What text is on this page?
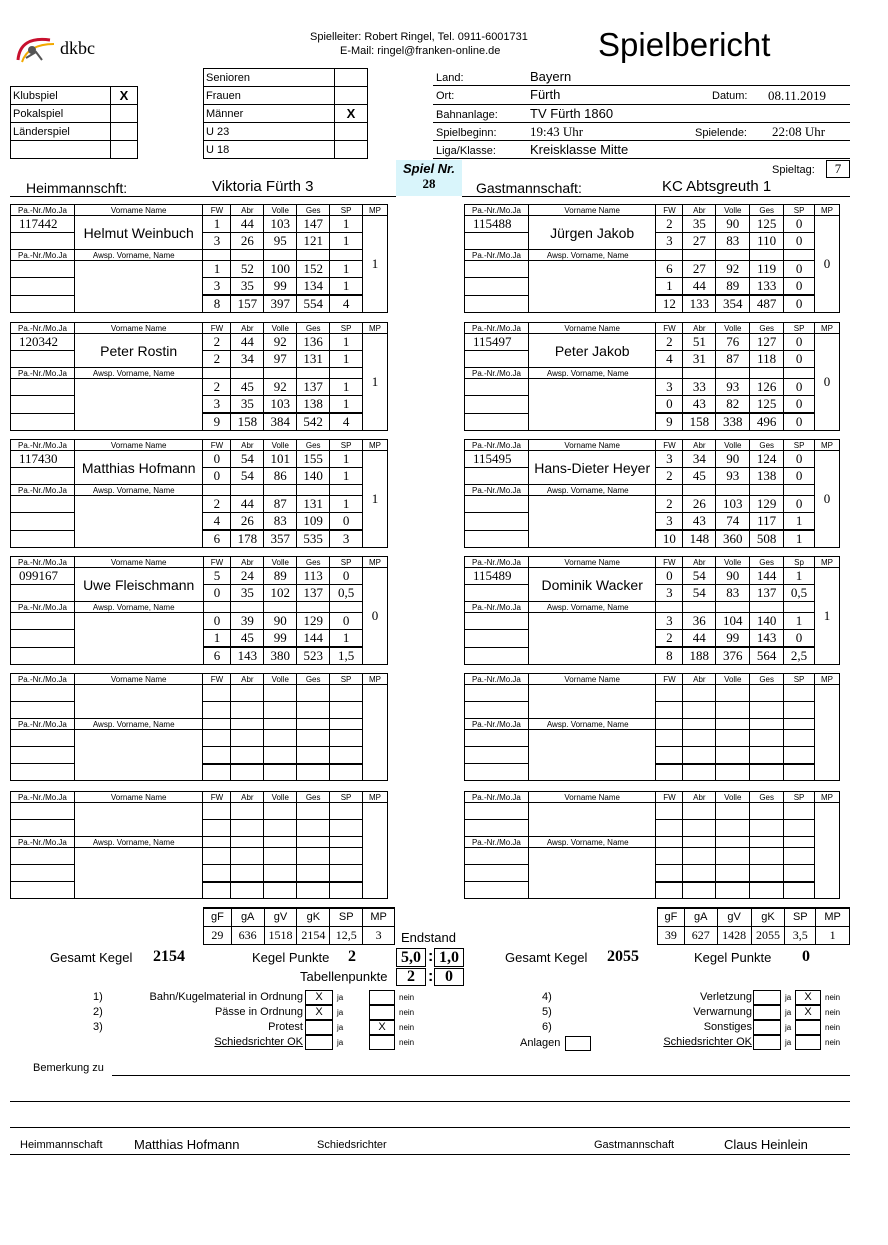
dkbc
Spielleiter: Robert Ringel, Tel. 0911-6001731
E-Mail: ringel@franken-online.de	Spielbericht
Klubspiel	X
Pokalspiel	
Länderspiel	

Senioren	
Frauen	
Männer	X
U 23	
U 18	
Land:	Bayern
Ort:	Fürth	Datum: 08.11.2019
Bahnanlage: TV Fürth 1860
Spielbeginn:	19:43 Uhr	Spielende: 22:08 Uhr
Liga/Klasse:	Kreisklasse Mitte
Spieltag:	7
Spiel Nr.
28
Heimmannschft:	Viktoria Fürth 3	Gastmannschaft:	KC Abtsgreuth 1
Pa.-Nr./Mo.Ja	Vorname Name	FW	Abr	Volle	Ges	SP	MP
117442	Helmut Weinbuch	1	44	103	147	1	1
		3	26	95	121	1	
Pa.-Nr./Mo.Ja	Awsp. Vorname, Name						
		1	52	100	152	1	
		3	35	99	134	1	
		8	157	397	554	4	
Pa.-Nr./Mo.Ja	Vorname Name	FW	Abr	Volle	Ges	SP	MP
120342	Peter Rostin	2	44	92	136	1	1
		2	34	97	131	1	
Pa.-Nr./Mo.Ja	Awsp. Vorname, Name						
		2	45	92	137	1	
		3	35	103	138	1	
		9	158	384	542	4	
Pa.-Nr./Mo.Ja	Vorname Name	FW	Abr	Volle	Ges	SP	MP
117430	Matthias Hofmann	0	54	101	155	1	1
		0	54	86	140	1	
Pa.-Nr./Mo.Ja	Awsp. Vorname, Name						
		2	44	87	131	1	
		4	26	83	109	0	
		6	178	357	535	3	
Pa.-Nr./Mo.Ja	Vorname Name	FW	Abr	Volle	Ges	SP	MP
099167	Uwe Fleischmann	5	24	89	113	0	0
		0	35	102	137	0,5	
Pa.-Nr./Mo.Ja	Awsp. Vorname, Name						
		0	39	90	129	0	
		1	45	99	144	1	
		6	143	380	523	1,5	
Pa.-Nr./Mo.Ja	Vorname Name	FW	Abr	Volle	Ges	SP	MP

Pa.-Nr./Mo.Ja	Awsp. Vorname, Name						

Pa.-Nr./Mo.Ja	Vorname Name	FW	Abr	Volle	Ges	SP	MP

Pa.-Nr./Mo.Ja	Awsp. Vorname, Name						

Pa.-Nr./Mo.Ja	Vorname Name	FW	Abr	Volle	Ges	SP	MP
115488	Jürgen Jakob	2	35	90	125	0	0
		3	27	83	110	0	
Pa.-Nr./Mo.Ja	Awsp. Vorname, Name						
		6	27	92	119	0	
		1	44	89	133	0	
		12	133	354	487	0	
Pa.-Nr./Mo.Ja	Vorname Name	FW	Abr	Volle	Ges	SP	MP
115497	Peter Jakob	2	51	76	127	0	0
		4	31	87	118	0	
Pa.-Nr./Mo.Ja	Awsp. Vorname, Name						
		3	33	93	126	0	
		0	43	82	125	0	
		9	158	338	496	0	
Pa.-Nr./Mo.Ja	Vorname Name	FW	Abr	Volle	Ges	SP	MP
115495	Hans-Dieter Heyer	3	34	90	124	0	0
		2	45	93	138	0	
Pa.-Nr./Mo.Ja	Awsp. Vorname, Name						
		2	26	103	129	0	
		3	43	74	117	1	
		10	148	360	508	1	
Pa.-Nr./Mo.Ja	Vorname Name	FW	Abr	Volle	Ges	Sp	MP
115489	Dominik Wacker	0	54	90	144	1	1
		3	54	83	137	0,5	
Pa.-Nr./Mo.Ja	Awsp. Vorname, Name						
		3	36	104	140	1	
		2	44	99	143	0	
		8	188	376	564	2,5	
Pa.-Nr./Mo.Ja	Vorname Name	FW	Abr	Volle	Ges	SP	MP

Pa.-Nr./Mo.Ja	Awsp. Vorname, Name						

Pa.-Nr./Mo.Ja	Vorname Name	FW	Abr	Volle	Ges	SP	MP

Pa.-Nr./Mo.Ja	Awsp. Vorname, Name						

gF	gA	gV	gK	SP	MP
29	636	1518	2154	12,5	3
gF	gA	gV	gK	SP	MP
39	627	1428	2055	3,5	1
Endstand
Gesamt Kegel 2154	Kegel Punkte 2	5,0 : 1,0
Tabellenpunkte	2 : 0
Gesamt Kegel 2055	Kegel Punkte 0
1)	Bahn/Kugelmaterial in Ordnung	X	ja	nein
2)	Pässe in Ordnung	X	ja	nein
3)	Protest	ja	X	nein
Schiedsrichter OK	ja	nein
4)	Verletzung	ja	X	nein
5)	Verwarnung	ja	X	nein
6)	Sonstiges	ja	nein
Schiedsrichter OK	ja	nein
Anlagen
Bemerkung zu
Heimmannschaft Matthias Hofmann	Schiedsrichter	Gastmannschaft	Claus Heinlein
